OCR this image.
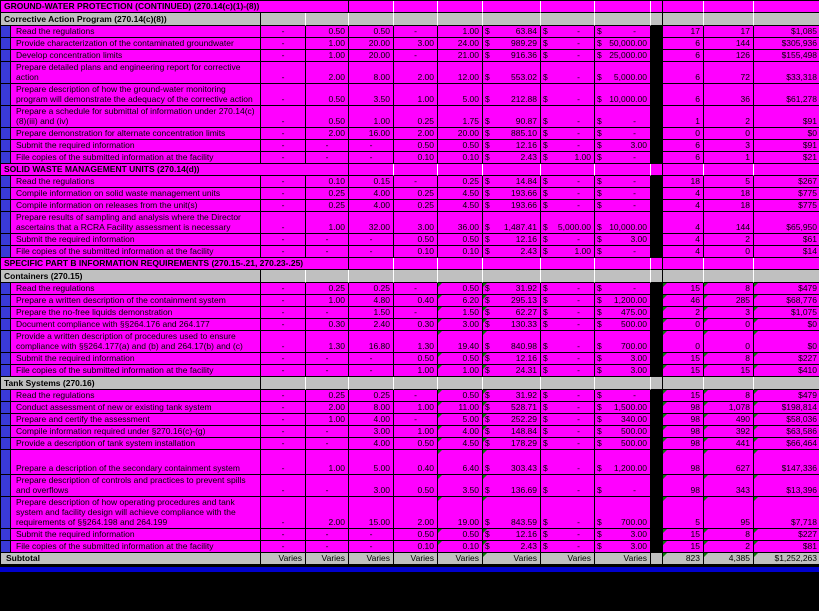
GROUND-WATER PROTECTION (CONTINUED) (270.14(c)(1)-(8))													
Corrective Action Program (270.14(c)(8))													
	Read the regulations	-	0.50	0.50	-	1.00	$ 63.84	$ -	$ -		17	17	$1,085
	Provide characterization of the contaminated groundwater	-	1.00	20.00	3.00	24.00	$ 989.29	$ -	$ 50,000.00		6	144	$305,936
	Develop concentration limits	-	1.00	20.00	-	21.00	$ 916.36	$ -	$ 25,000.00		6	126	$155,498
	Prepare detailed plans and engineering report for corrective action	-	2.00	8.00	2.00	12.00	$ 553.02	$ -	$ 5,000.00		6	72	$33,318
	Prepare description of how the ground-water monitoring program will demonstrate the adequacy of the corrective action	-	0.50	3.50	1.00	5.00	$ 212.88	$ -	$ 10,000.00		6	36	$61,278
	Prepare a schedule for submittal of information under 270.14(c)(8)(iii) and (iv)	-	0.50	1.00	0.25	1.75	$ 90.87	$ -	$ -		1	2	$91
	Prepare demonstration for alternate concentration limits	-	2.00	16.00	2.00	20.00	$ 885.10	$ -	$ -		0	0	$0
	Submit the required information	-	-	-	0.50	0.50	$ 12.16	$ -	$ 3.00		6	3	$91
	File copies of the submitted information at the facility	-	-	-	0.10	0.10	$ 2.43	$ 1.00	$ -		6	1	$21
SOLID WASTE MANAGEMENT UNITS (270.14(d))													
	Read the regulations	-	0.10	0.15	-	0.25	$ 14.84	$ -	$ -		18	5	$267
	Compile information on solid waste management units	-	0.25	4.00	0.25	4.50	$ 193.66	$ -	$ -		4	18	$775
	Compile information on releases from the unit(s)	-	0.25	4.00	0.25	4.50	$ 193.66	$ -	$ -		4	18	$775
	Prepare results of sampling and analysis where the Director ascertains that a RCRA Facility assessment is necessary	-	1.00	32.00	3.00	36.00	$ 1,487.41	$ 5,000.00	$ 10,000.00		4	144	$65,950
	Submit the required information	-	-	-	0.50	0.50	$ 12.16	$ -	$ 3.00		4	2	$61
	File copies of the submitted information at the facility	-	-	-	0.10	0.10	$ 2.43	$ 1.00	$ -		4	0	$14
SPECIFIC PART B INFORMATION REQUIREMENTS (270.15-.21, 270.23-.25)													
Containers (270.15)													
	Read the regulations	-	0.25	0.25	-	0.50	$ 31.92	$ -	$ -		15	8	$479
	Prepare a written description of the containment system	-	1.00	4.80	0.40	6.20	$ 295.13	$ -	$ 1,200.00		46	285	$68,776
	Prepare the no-free liquids demonstration	-	-	1.50	-	1.50	$ 62.27	$ -	$ 475.00		2	3	$1,075
	Document compliance with §§264.176 and 264.177	-	0.30	2.40	0.30	3.00	$ 130.33	$ -	$ 500.00		0	0	$0
	Provide a written description of procedures used to ensure compliance with §§264.177(a) and (b) and 264.17(b) and (c)	-	1.30	16.80	1.30	19.40	$ 840.98	$ -	$ 700.00		0	0	$0
	Submit the required information	-	-	-	0.50	0.50	$ 12.16	$ -	$ 3.00		15	8	$227
	File copies of the submitted information at the facility	-	-	-	1.00	1.00	$ 24.31	$ -	$ 3.00		15	15	$410
Tank Systems (270.16)													
	Read the regulations	-	0.25	0.25	-	0.50	$ 31.92	$ -	$ -		15	8	$479
	Conduct assessment of new or existing tank system	-	2.00	8.00	1.00	11.00	$ 528.71	$ -	$ 1,500.00		98	1,078	$198,814
	Prepare and certify the assessment	-	1.00	4.00	-	5.00	$ 252.29	$ -	$ 340.00		98	490	$58,036
	Compile information required under §270.16(c)-(g)	-	-	3.00	1.00	4.00	$ 148.84	$ -	$ 500.00		98	392	$63,586
	Provide a description of tank system installation	-	-	4.00	0.50	4.50	$ 178.29	$ -	$ 500.00		98	441	$66,464
	Prepare a description of the secondary containment system	-	1.00	5.00	0.40	6.40	$ 303.43	$ -	$ 1,200.00		98	627	$147,336
	Prepare description of controls and practices to prevent spills and overflows	-	-	3.00	0.50	3.50	$ 136.69	$ -	$ -		98	343	$13,396
	Prepare description of how operating procedures and tank system and facility design will achieve compliance with the requirements of §§264.198 and 264.199	-	2.00	15.00	2.00	19.00	$ 843.59	$ -	$ 700.00		5	95	$7,718
	Submit the required information	-	-	-	0.50	0.50	$ 12.16	$ -	$ 3.00		15	8	$227
	File copies of the submitted information at the facility	-	-	-	0.10	0.10	$ 2.43	$ -	$ 3.00		15	2	$81
Subtotal		Varies	Varies	Varies	Varies	Varies	Varies	Varies	Varies		823	4,385	$1,252,263
